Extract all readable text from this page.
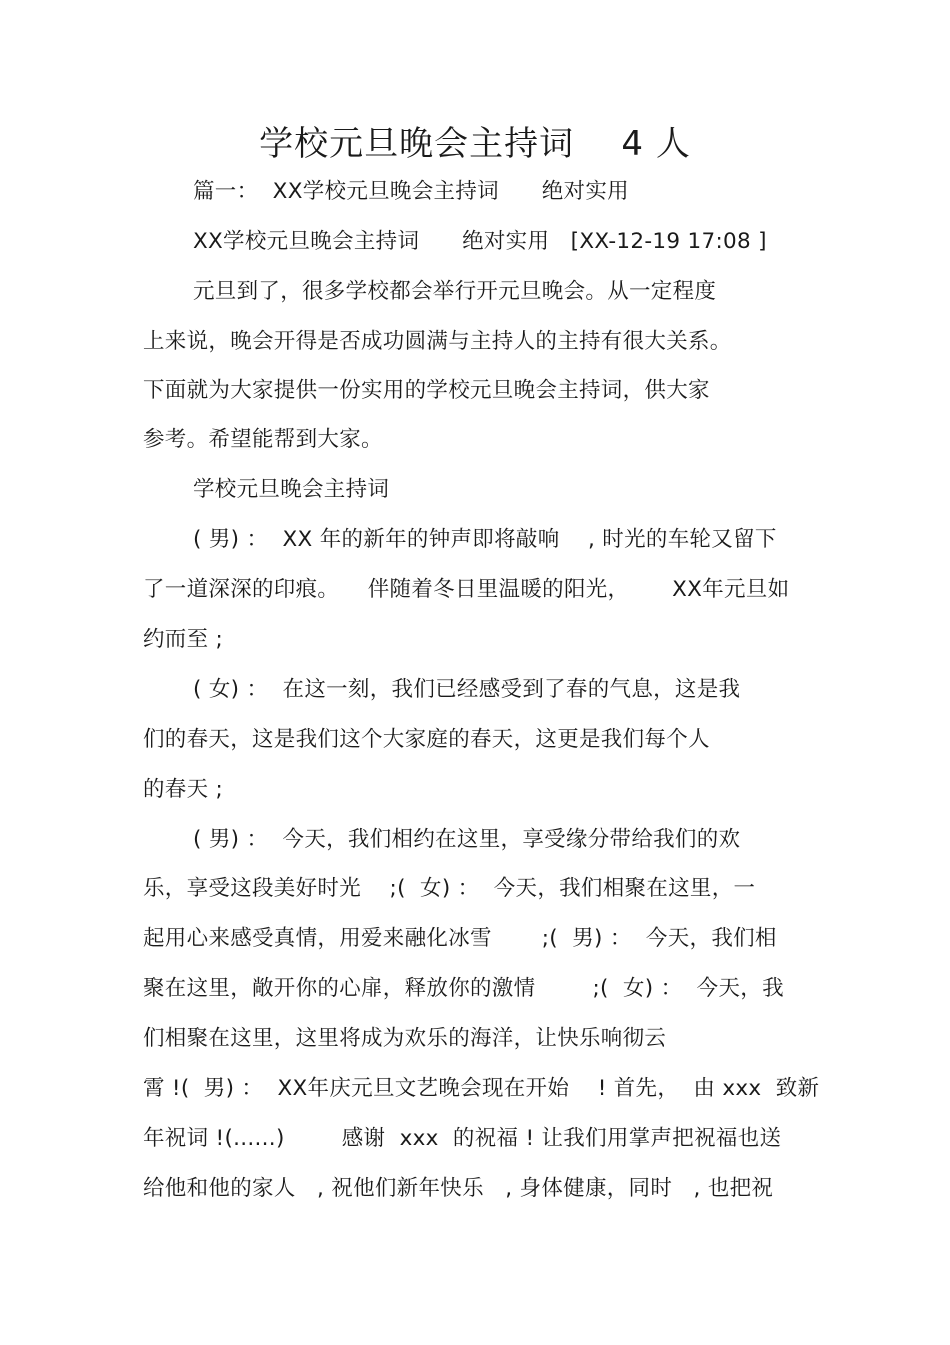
学校元旦晚会主持词    4 人
篇一：  XX学校元旦晚会主持词      绝对实用
XX学校元旦晚会主持词      绝对实用   [XX-12-19 17:08 ]
元旦到了，很多学校都会举行开元旦晚会。从一定程度
上来说，晚会开得是否成功圆满与主持人的主持有很大关系。
下面就为大家提供一份实用的学校元旦晚会主持词，供大家
参考。希望能帮到大家。
学校元旦晚会主持词
( 男) ：  XX 年的新年的钟声即将敲响    , 时光的车轮又留下
了一道深深的印痕。    伴随着冬日里温暖的阳光，      XX年元旦如
约而至 ;
( 女) ：  在这一刻，我们已经感受到了春的气息，这是我
们的春天，这是我们这个大家庭的春天，这更是我们每个人
的春天 ;
( 男) ：  今天，我们相约在这里，享受缘分带给我们的欢
乐，享受这段美好时光    ;(  女) ：  今天，我们相聚在这里，一
起用心来感受真情，用爱来融化冰雪       ;(  男) ：  今天，我们相
聚在这里，敞开你的心扉，释放你的激情        ;(  女) ：  今天，我
们相聚在这里，这里将成为欢乐的海洋，让快乐响彻云
霄 !(  男) ：  XX年庆元旦文艺晚会现在开始    ! 首先，  由 xxx  致新
年祝词 !(......)        感谢  xxx  的祝福 ! 让我们用掌声把祝福也送
给他和他的家人   , 祝他们新年快乐   , 身体健康，同时   , 也把祝
